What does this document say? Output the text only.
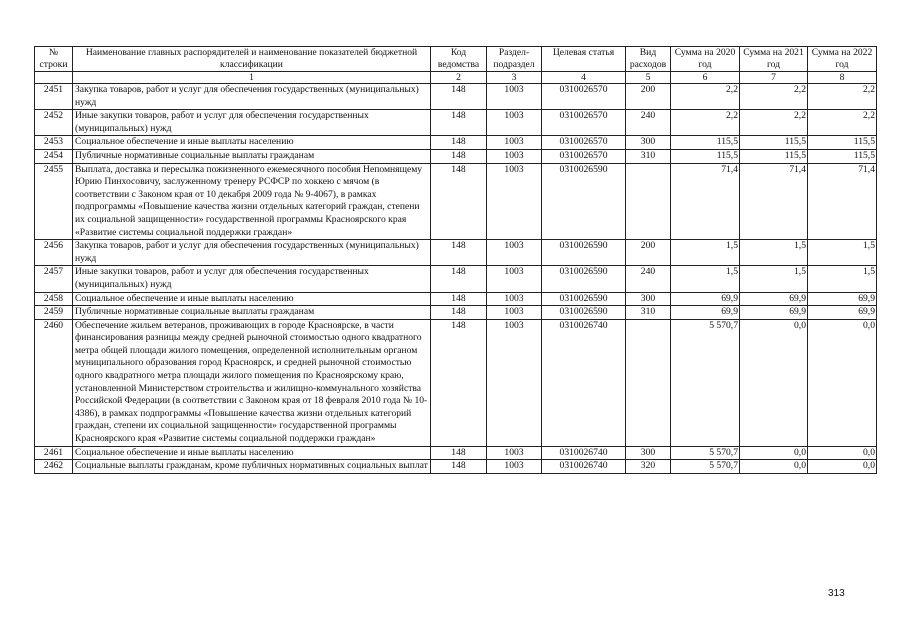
№ строки	Наименование главных распорядителей и наименование показателей бюджетной классификации	Код ведомства	Раздел-подраздел	Целевая статья	Вид расходов	Сумма на 2020 год	Сумма на 2021 год	Сумма на 2022 год
	1	2	3	4	5	6	7	8
2451	Закупка товаров, работ и услуг для обеспечения государственных (муниципальных) нужд	148	1003	0310026570	200	2,2	2,2	2,2
2452	Иные закупки товаров, работ и услуг для обеспечения государственных (муниципальных) нужд	148	1003	0310026570	240	2,2	2,2	2,2
2453	Социальное обеспечение и иные выплаты населению	148	1003	0310026570	300	115,5	115,5	115,5
2454	Публичные нормативные социальные выплаты гражданам	148	1003	0310026570	310	115,5	115,5	115,5
2455	Выплата, доставка и пересылка пожизненного ежемесячного пособия Непомнящему Юрию Пинхосовичу, заслуженному тренеру РСФСР по хоккею с мячом (в соответствии с Законом края от 10 декабря 2009 года № 9-4067), в рамках подпрограммы «Повышение качества жизни отдельных категорий граждан, степени их социальной защищенности» государственной программы Красноярского края «Развитие системы социальной поддержки граждан»	148	1003	0310026590		71,4	71,4	71,4
2456	Закупка товаров, работ и услуг для обеспечения государственных (муниципальных) нужд	148	1003	0310026590	200	1,5	1,5	1,5
2457	Иные закупки товаров, работ и услуг для обеспечения государственных (муниципальных) нужд	148	1003	0310026590	240	1,5	1,5	1,5
2458	Социальное обеспечение и иные выплаты населению	148	1003	0310026590	300	69,9	69,9	69,9
2459	Публичные нормативные социальные выплаты гражданам	148	1003	0310026590	310	69,9	69,9	69,9
2460	Обеспечение жильем ветеранов, проживающих в городе Красноярске, в части финансирования разницы между средней рыночной стоимостью одного квадратного метра общей площади жилого помещения, определенной исполнительным органом муниципального образования город Красноярск, и средней рыночной стоимостью одного квадратного метра площади жилого помещения по Красноярскому краю, установленной Министерством строительства и жилищно-коммунального хозяйства Российской Федерации (в соответствии с Законом края от 18 февраля 2010 года № 10-4386), в рамках подпрограммы «Повышение качества жизни отдельных категорий граждан, степени их социальной защищенности» государственной программы Красноярского края «Развитие системы социальной поддержки граждан»	148	1003	0310026740		5 570,7	0,0	0,0
2461	Социальное обеспечение и иные выплаты населению	148	1003	0310026740	300	5 570,7	0,0	0,0
2462	Социальные выплаты гражданам, кроме публичных нормативных социальных выплат	148	1003	0310026740	320	5 570,7	0,0	0,0
313
